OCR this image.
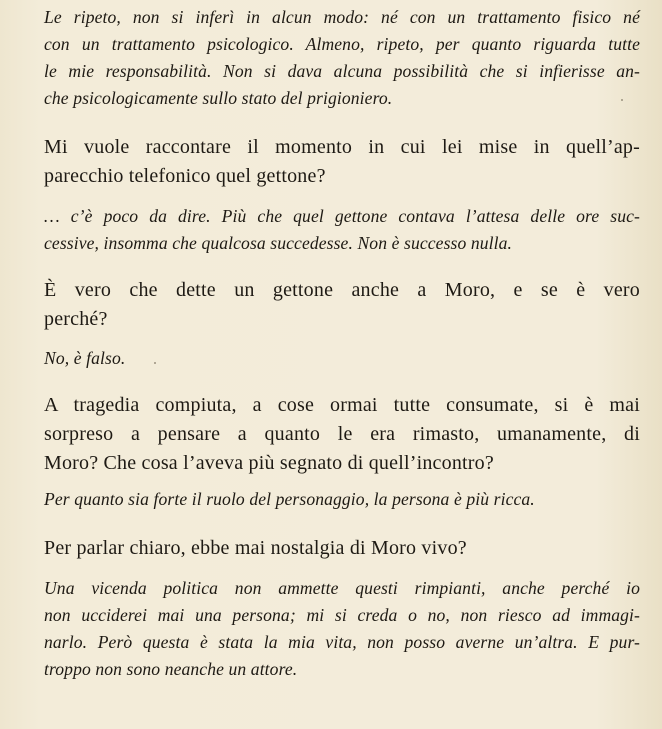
Le ripeto, non si inferì in alcun modo: né con un trattamento fisico né
con un trattamento psicologico. Almeno, ripeto, per quanto riguarda tutte
le mie responsabilità. Non si dava alcuna possibilità che si infierisse an-
che psicologicamente sullo stato del prigioniero.

Mi vuole raccontare il momento in cui lei mise in quell’ap-
parecchio telefonico quel gettone?

… c’è poco da dire. Più che quel gettone contava l’attesa delle ore suc-
cessive, insomma che qualcosa succedesse. Non è successo nulla.

È vero che dette un gettone anche a Moro, e se è vero
perché?

No, è falso.

A tragedia compiuta, a cose ormai tutte consumate, si è mai
sorpreso a pensare a quanto le era rimasto, umanamente, di
Moro? Che cosa l’aveva più segnato di quell’incontro?

Per quanto sia forte il ruolo del personaggio, la persona è più ricca.

Per parlar chiaro, ebbe mai nostalgia di Moro vivo?

Una vicenda politica non ammette questi rimpianti, anche perché io
non ucciderei mai una persona; mi si creda o no, non riesco ad immagi-
narlo. Però questa è stata la mia vita, non posso averne un’altra. E pur-
troppo non sono neanche un attore.
